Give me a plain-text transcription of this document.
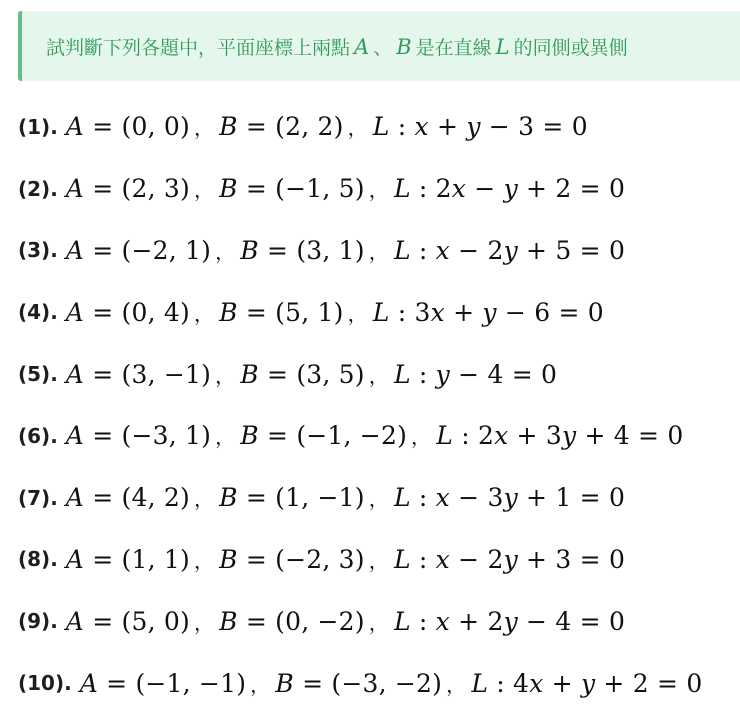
試判斷下列各題中，平面座標上兩點 A 、 B 是在直線 L 的同側或異側
(1). A = (0, 0) ， B = (2, 2) ， L : x + y − 3 = 0
(2). A = (2, 3) ， B = (−1, 5) ， L : 2x − y + 2 = 0
(3). A = (−2, 1) ， B = (3, 1) ， L : x − 2y + 5 = 0
(4). A = (0, 4) ， B = (5, 1) ， L : 3x + y − 6 = 0
(5). A = (3, −1) ， B = (3, 5) ， L : y − 4 = 0
(6). A = (−3, 1) ， B = (−1, −2) ， L : 2x + 3y + 4 = 0
(7). A = (4, 2) ， B = (1, −1) ， L : x − 3y + 1 = 0
(8). A = (1, 1) ， B = (−2, 3) ， L : x − 2y + 3 = 0
(9). A = (5, 0) ， B = (0, −2) ， L : x + 2y − 4 = 0
(10). A = (−1, −1) ， B = (−3, −2) ， L : 4x + y + 2 = 0
